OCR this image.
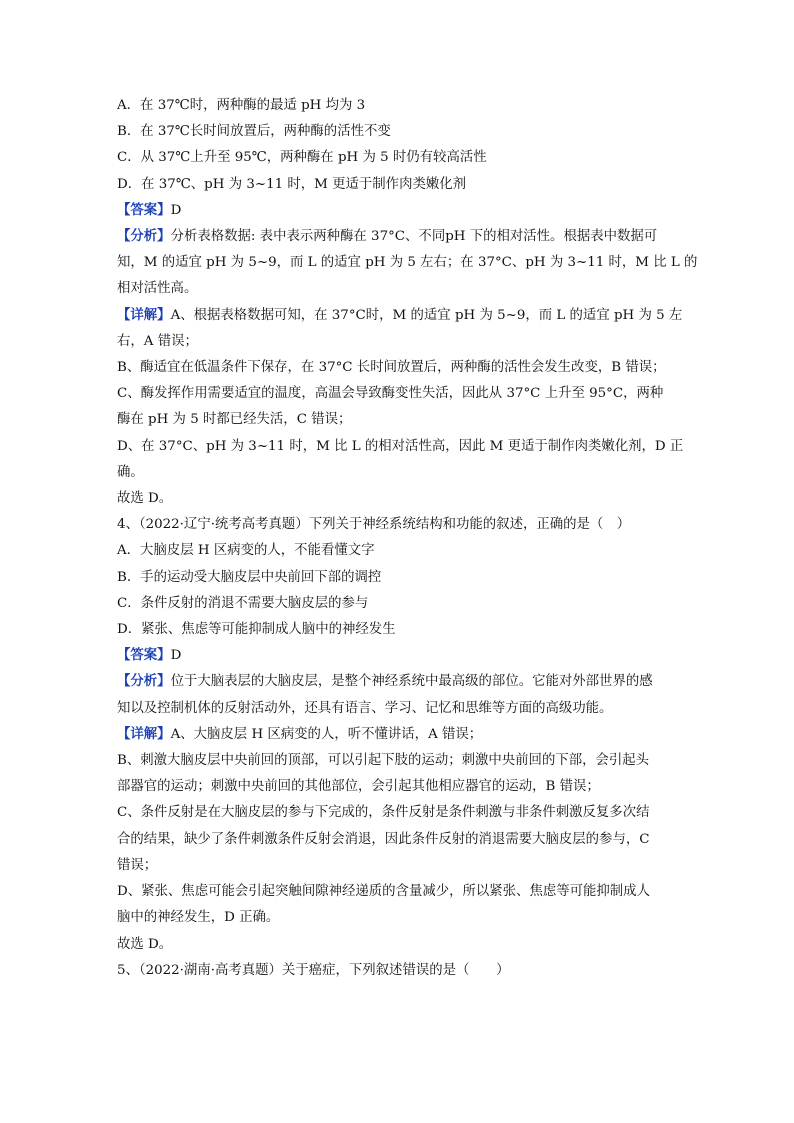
A．在 37℃时，两种酶的最适 pH 均为 3
B．在 37℃长时间放置后，两种酶的活性不变
C．从 37℃上升至 95℃，两种酶在 pH 为 5 时仍有较高活性
D．在 37℃、pH 为 3~11 时，M 更适于制作肉类嫩化剂
【答案】D
【分析】分析表格数据: 表中表示两种酶在 37°C、不同pH 下的相对活性。根据表中数据可
知，M 的适宜 pH 为 5~9，而 L 的适宜 pH 为 5 左右；在 37°C、pH 为 3~11 时，M 比 L 的
相对活性高。
【详解】A、根据表格数据可知，在 37°C时，M 的适宜 pH 为 5~9，而 L 的适宜 pH 为 5 左
右，A 错误；
B、酶适宜在低温条件下保存，在 37°C 长时间放置后，两种酶的活性会发生改变，B 错误；
C、酶发挥作用需要适宜的温度，高温会导致酶变性失活，因此从 37°C 上升至 95°C，两种
酶在 pH 为 5 时都已经失活，C 错误；
D、在 37°C、pH 为 3~11 时，M 比 L 的相对活性高，因此 M 更适于制作肉类嫩化剂，D 正
确。
故选 D。
4、（2022·辽宁·统考高考真题）下列关于神经系统结构和功能的叙述，正确的是（　）
A．大脑皮层 H 区病变的人，不能看懂文字
B．手的运动受大脑皮层中央前回下部的调控
C．条件反射的消退不需要大脑皮层的参与
D．紧张、焦虑等可能抑制成人脑中的神经发生
【答案】D
【分析】位于大脑表层的大脑皮层，是整个神经系统中最高级的部位。它能对外部世界的感
知以及控制机体的反射活动外，还具有语言、学习、记忆和思维等方面的高级功能。
【详解】A、大脑皮层 H 区病变的人，听不懂讲话，A 错误；
B、刺激大脑皮层中央前回的顶部，可以引起下肢的运动；刺激中央前回的下部，会引起头
部器官的运动；刺激中央前回的其他部位，会引起其他相应器官的运动，B 错误；
C、条件反射是在大脑皮层的参与下完成的，条件反射是条件刺激与非条件刺激反复多次结
合的结果，缺少了条件刺激条件反射会消退，因此条件反射的消退需要大脑皮层的参与，C
错误；
D、紧张、焦虑可能会引起突触间隙神经递质的含量减少，所以紧张、焦虑等可能抑制成人
脑中的神经发生，D 正确。
故选 D。
5、（2022·湖南·高考真题）关于癌症，下列叙述错误的是（　　）
